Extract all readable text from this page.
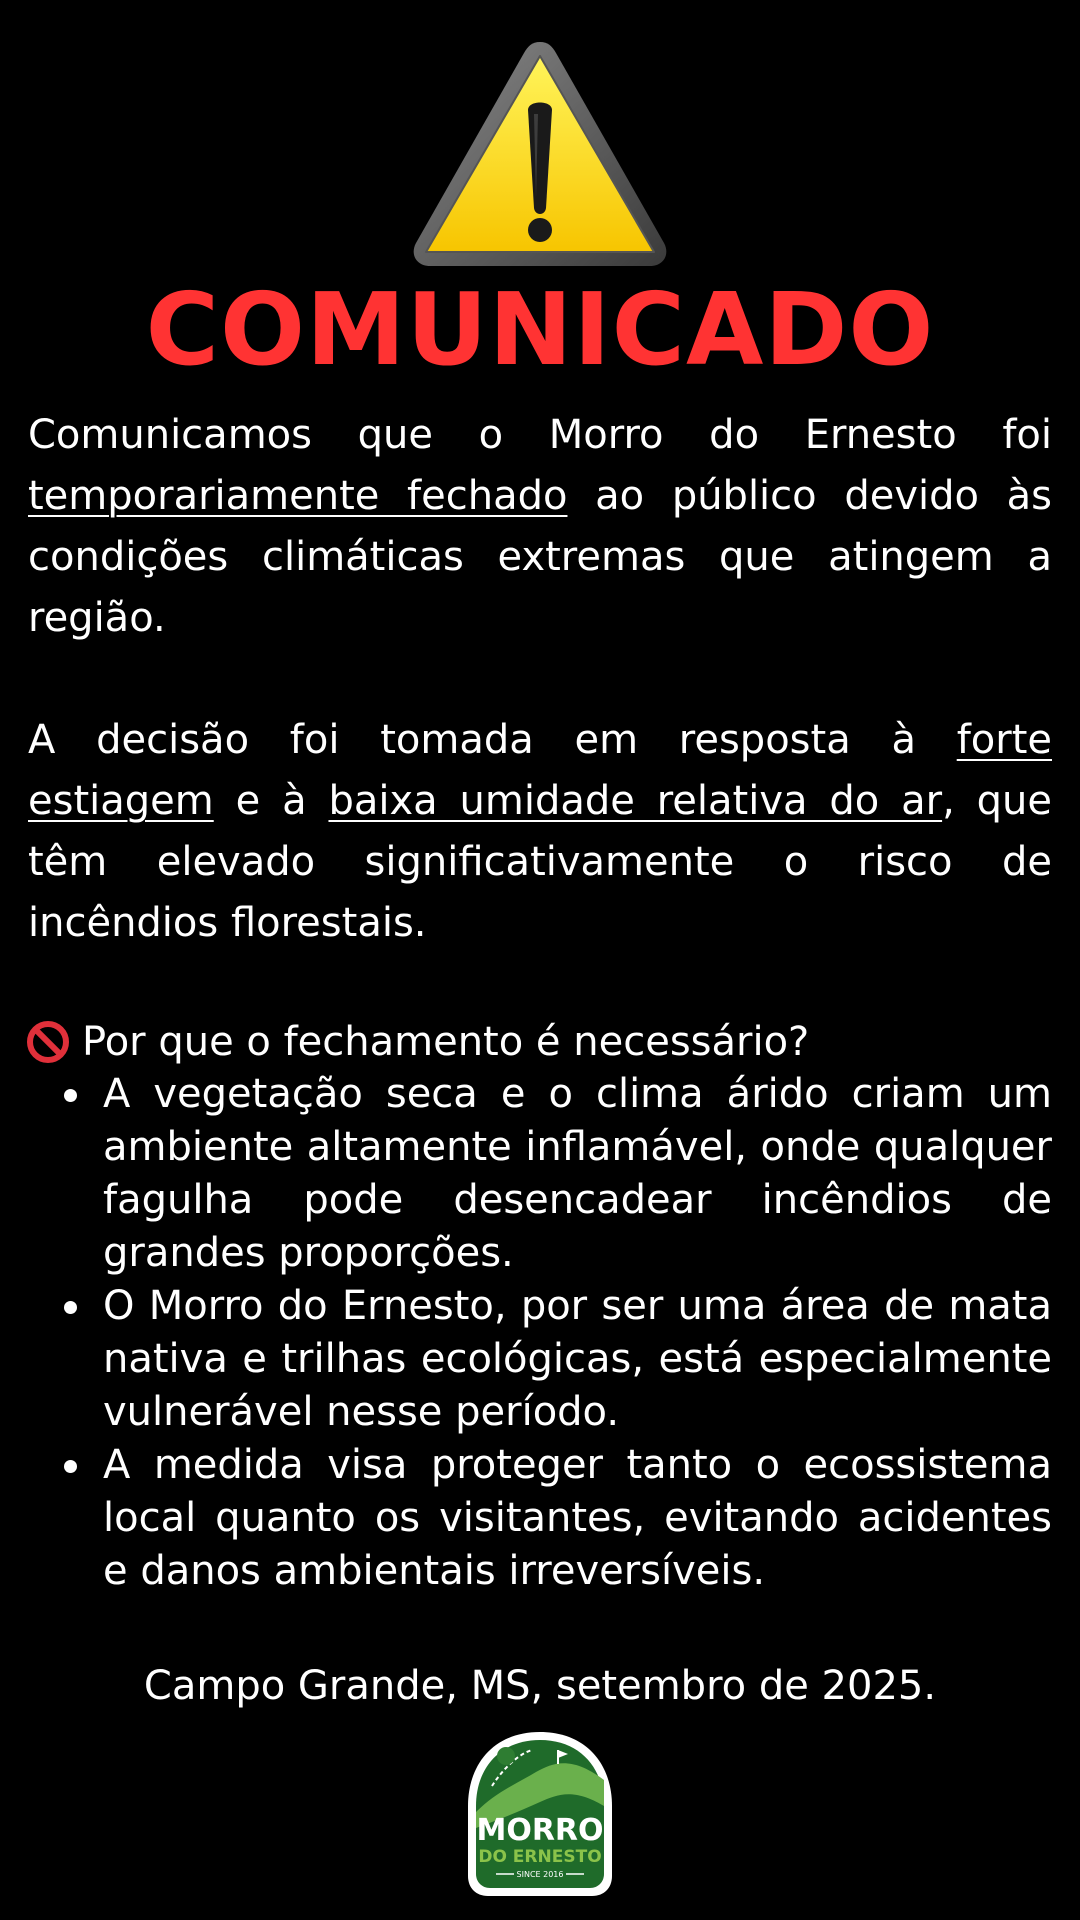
COMUNICADO
Comunicamos que o Morro do Ernesto foi temporariamente fechado ao público devido às condições climáticas extremas que atingem a região.
A decisão foi tomada em resposta à forte estiagem e à baixa umidade relativa do ar, que têm elevado significativamente o risco de incêndios florestais.
Por que o fechamento é necessário?
A vegetação seca e o clima árido criam um ambiente altamente inflamável, onde qualquer fagulha pode desencadear incêndios de grandes proporções.
O Morro do Ernesto, por ser uma área de mata nativa e trilhas ecológicas, está especialmente vulnerável nesse período.
A medida visa proteger tanto o ecossistema local quanto os visitantes, evitando acidentes e danos ambientais irreversíveis.
Campo Grande, MS, setembro de 2025.
MORRO
DO ERNESTO
SINCE 2016
